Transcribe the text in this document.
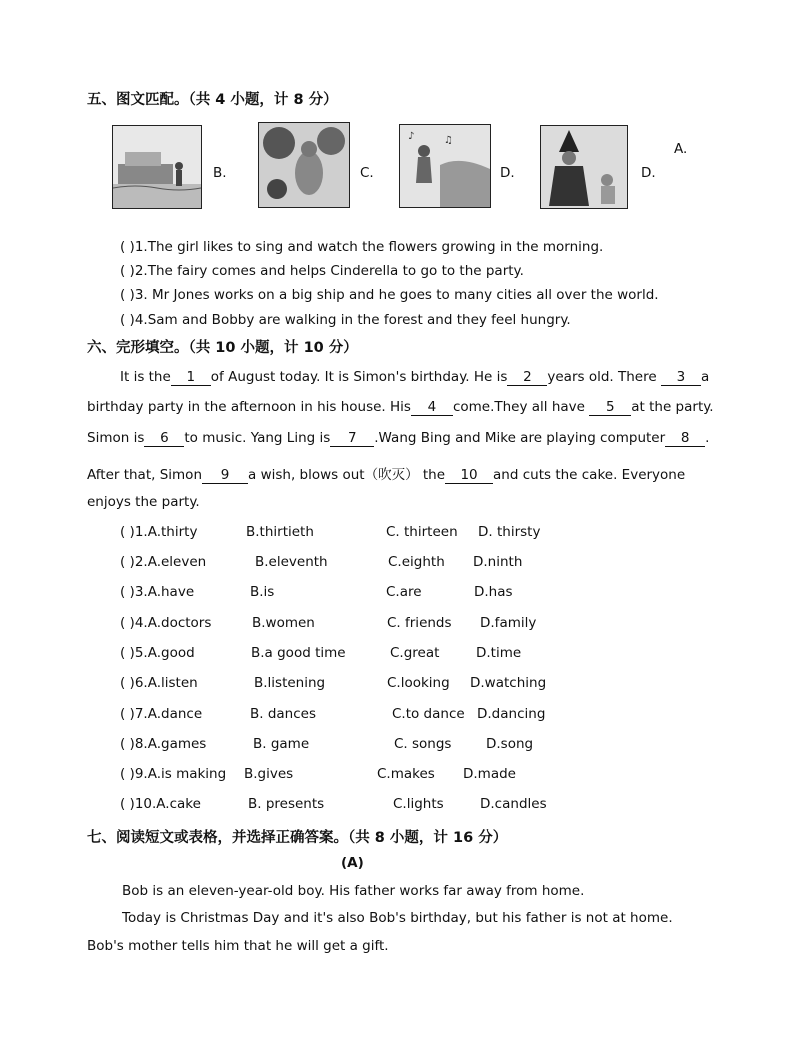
五、图文匹配。（共 4 小题，计 8 分）
B.	C.
♪	♫
D.	D.
A.
( )1.The girl likes to sing and watch the flowers growing in the morning.
( )2.The fairy comes and helps Cinderella to go to the party.
( )3. Mr Jones works on a big ship and he goes to many cities all over the world.
( )4.Sam and Bobby are walking in the forest and they feel hungry.
六、完形填空。（共 10 小题，计 10 分）
It is the 1 of August today. It is Simon's birthday. He is 2 years old. There 3 a
birthday party in the afternoon in his house. His 4 come.They all have 5 at the party.
Simon is 6 to music. Yang Ling is 7 .Wang Bing and Mike are playing computer 8 .
After that, Simon 9 a wish, blows out（吹灭） the 10 and cuts the cake. Everyone
enjoys the party.
( )1.A.thirty	B.thirtieth	C. thirteen D. thirsty
( )2.A.eleven	B.eleventh	C.eighth D.ninth
( )3.A.have	B.is	C.are	D.has
( )4.A.doctors	B.women	C. friends D.family
( )5.A.good	B.a good time	C.great	D.time
( )6.A.listen	B.listening	C.looking D.watching
( )7.A.dance	B. dances	C.to dance D.dancing
( )8.A.games	B. game	C. songs	D.song
( )9.A.is making B.gives	C.makes D.made
( )10.A.cake	B. presents	C.lights	D.candles
七、阅读短文或表格，并选择正确答案。（共 8 小题，计 16 分）
(A)
Bob is an eleven-year-old boy. His father works far away from home.
Today is Christmas Day and it's also Bob's birthday, but his father is not at home.
Bob's mother tells him that he will get a gift.
